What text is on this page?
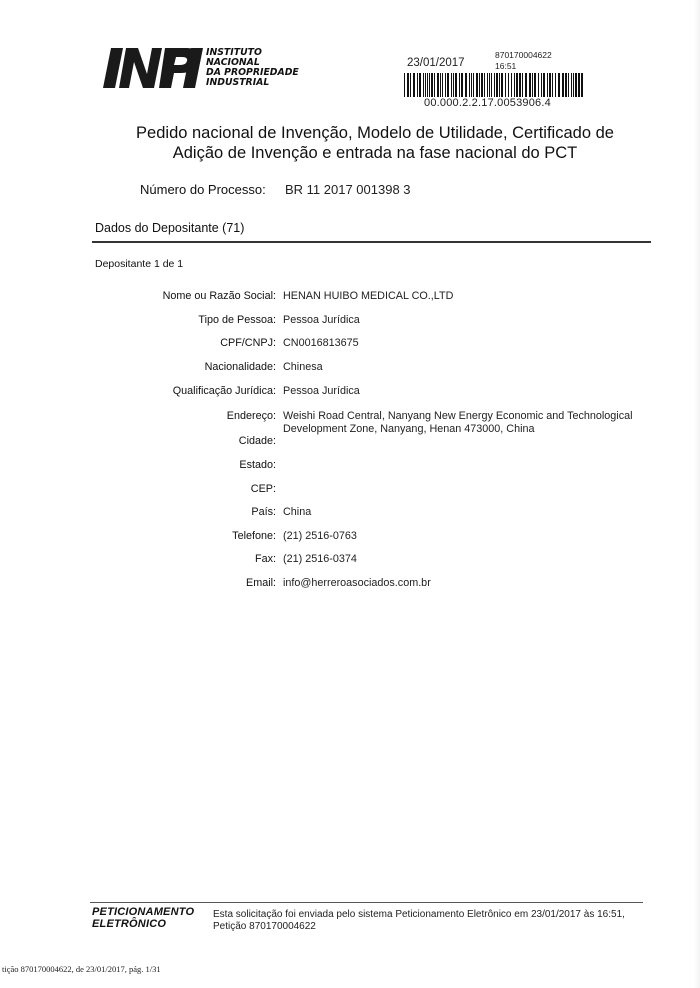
INSTITUTO
NACIONAL
DA PROPRIEDADE
INDUSTRIAL
23/01/2017
870170004622
16:51
00.000.2.2.17.0053906.4
Pedido nacional de Invenção, Modelo de Utilidade, Certificado de
Adição de Invenção e entrada na fase nacional do PCT
Número do Processo: BR 11 2017 001398 3
Dados do Depositante (71)
Depositante 1 de 1
Nome ou Razão Social: HENAN HUIBO MEDICAL CO.,LTD
Tipo de Pessoa: Pessoa Jurídica
CPF/CNPJ: CN0016813675
Nacionalidade: Chinesa
Qualificação Jurídica: Pessoa Jurídica
Endereço: Weishi Road Central, Nanyang New Energy Economic and Technological Development Zone, Nanyang, Henan 473000, China
Cidade:
Estado:
CEP:
País: China
Telefone: (21) 2516-0763
Fax: (21) 2516-0374
Email: info@herreroasociados.com.br
PETICIONAMENTO
ELETRÔNICO
Esta solicitação foi enviada pelo sistema Peticionamento Eletrônico em 23/01/2017 às 16:51, Petição 870170004622
tição 870170004622, de 23/01/2017, pág. 1/31
